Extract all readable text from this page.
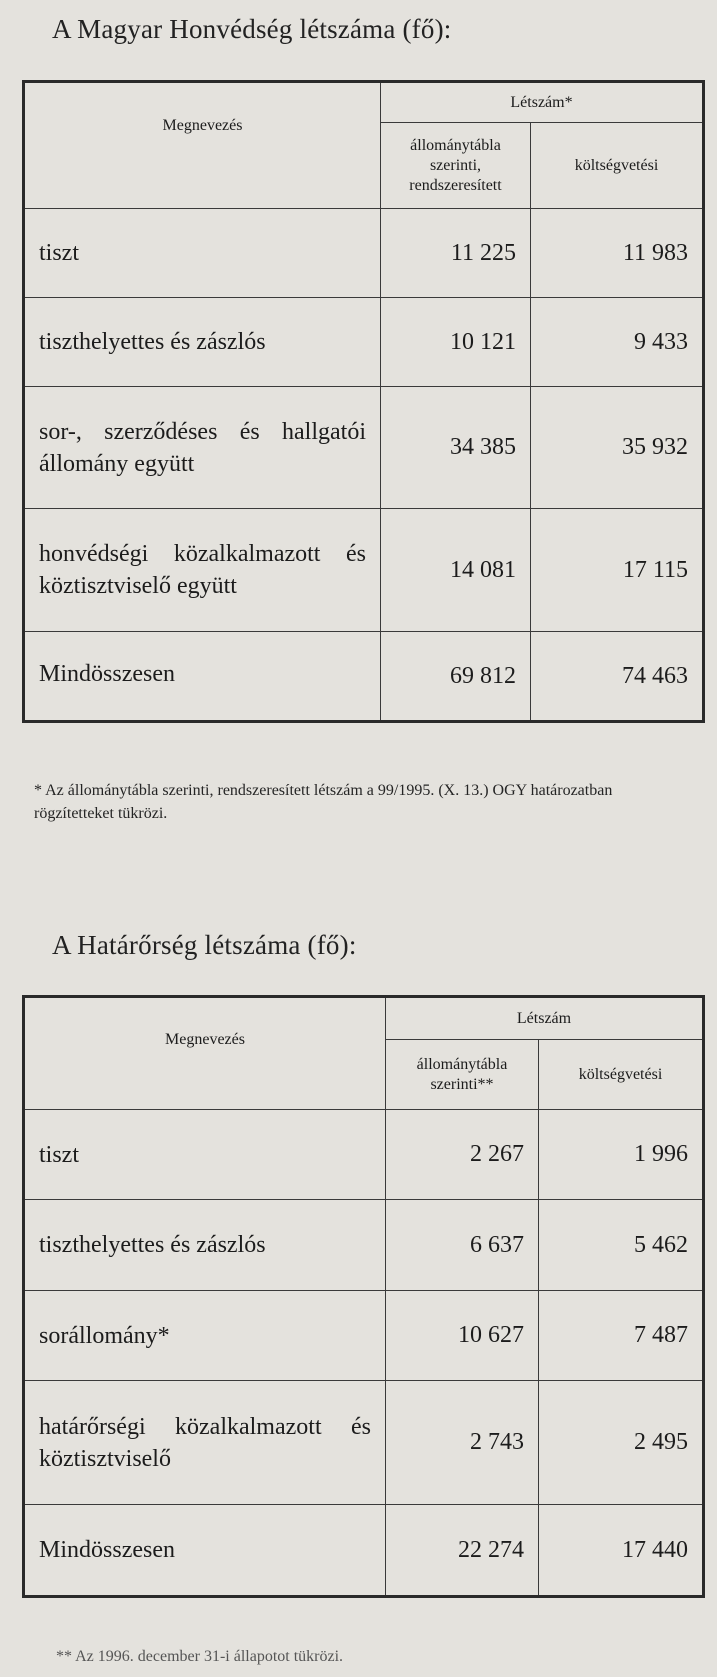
A Magyar Honvédség létszáma (fő):
Megnevezés	Létszám*	
	állománytábla szerinti, rendszeresített	költségvetési
tiszt	11 225	11 983
tiszthelyettes és zászlós	10 121	9 433
sor-, szerződéses és hallgatói állomány együtt	34 385	35 932
honvédségi közalkalmazott és köztisztviselő együtt	14 081	17 115
Mindösszesen	69 812	74 463
* Az állománytábla szerinti, rendszeresített létszám a 99/1995. (X. 13.) OGY határozatban rögzítetteket tükrözi.
A Határőrség létszáma (fő):
Megnevezés	Létszám	
	állománytábla szerinti**	költségvetési
tiszt	2 267	1 996
tiszthelyettes és zászlós	6 637	5 462
sorállomány*	10 627	7 487
határőrségi közalkalmazott és köztisztviselő	2 743	2 495
Mindösszesen	22 274	17 440
** Az 1996. december 31-i állapotot tükrözi.
